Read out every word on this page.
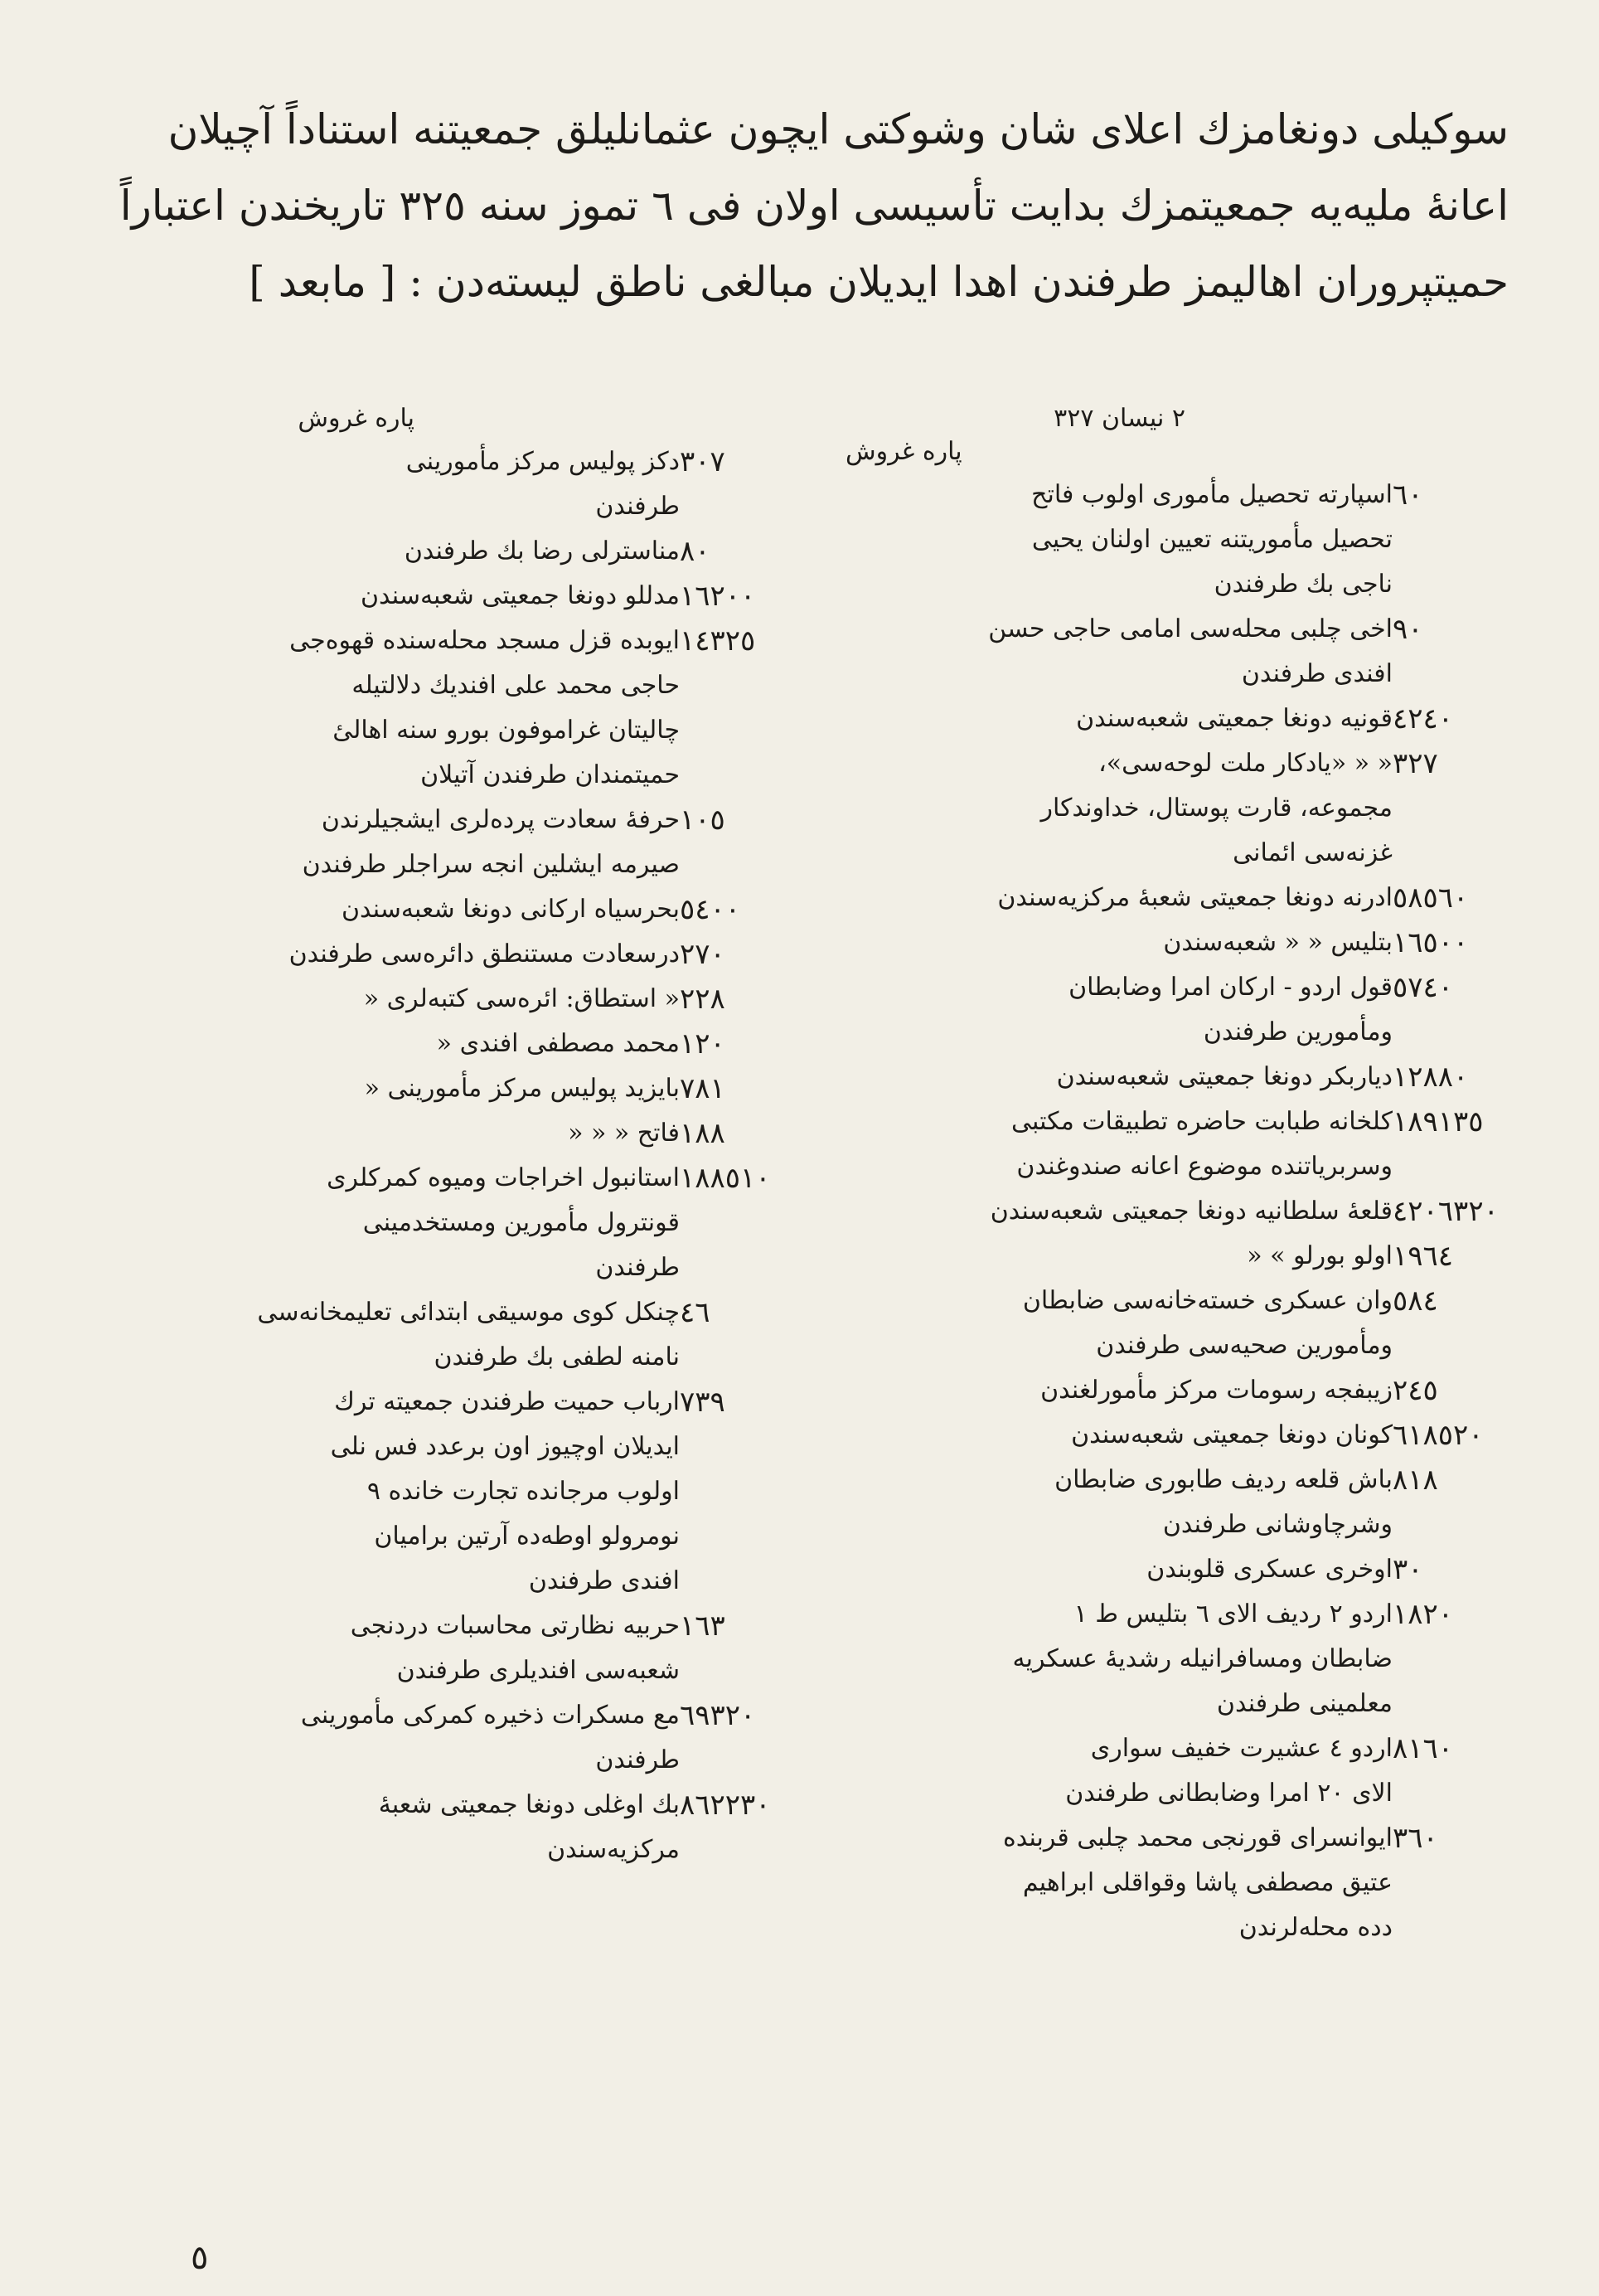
سوكيلى دونغامزك اعلاى شان وشوكتى ايچون عثمانليلق جمعيتنه استناداً آچيلان
اعانهٔ مليه‌يه جمعيتمزك بدايت تأسيسى اولان فى ٦ تموز سنه ٣٢٥ تاريخندن اعتباراً
حميتپروران اهاليمز طرفندن اهدا ايديلان مبالغى ناطق ليسته‌دن : [ مابعد ]
پاره غروش
٢ نيسان ٣٢٧
٦٠
اسپارته تحصيل مأمورى اولوب فاتح
تحصيل مأموريتنه تعيين اولنان يحيى
ناجى بك طرفندن
٩٠
اخى چلبى محله‌سى امامى حاجى حسن
افندى طرفندن
٤٢٤٠
قونيه دونغا جمعيتى شعبه‌سندن
٣٢٧
« « «يادكار ملت لوحه‌سى»،
مجموعه، قارت پوستال، خداوندكار
غزنه‌سى ائمانى
٥٨٥٦٠
ادرنه دونغا جمعيتى شعبهٔ مركزيه‌سندن
١٦٥٠٠
بتليس « « شعبه‌سندن
٥٧٤٠
قول اردو - اركان امرا وضابطان
ومأمورين طرفندن
١٢٨٨٠
دياربكر دونغا جمعيتى شعبه‌سندن
٣٥١٨٩١
كلخانه طبابت حاضره تطبيقات مكتبى
وسربرياتنده موضوع اعانه صندوغندن
٢٠٤٢٠٦٣
قلعهٔ سلطانيه دونغا جمعيتى شعبه‌سندن
١٩٦٤
اولو بورلو » «
٥٨٤
وان عسكرى خسته‌خانه‌سى ضابطان
ومأمورين صحيه‌سى طرفندن
٢٤٥
زيبفجه رسومات مركز مأمورلغندن
٢٠٦١٨٥
كونان دونغا جمعيتى شعبه‌سندن
٨١٨
باش قلعه رديف طابورى ضابطان
وشرچاوشانى طرفندن
٣٠
اوخرى عسكرى قلوبندن
١٨٢٠
اردو ٢ رديف الاى ٦ بتليس ط ١
ضابطان ومسافرانيله رشديهٔ عسكريه
معلمينى طرفندن
٨١٦٠
اردو ٤ عشيرت خفيف سوارى
الاى ٢٠ امرا وضابطانى طرفندن
٣٦٠
ايوانسراى قورنجى محمد چلبى قربنده
عتيق مصطفى پاشا وقواقلى ابراهيم
دده محله‌لرندن
پاره غروش
٣٠٧
دكز پوليس مركز مأمورينى
طرفندن
٨٠
مناسترلى رضا بك طرفندن
١٦٢٠٠
مدللو دونغا جمعيتى شعبه‌سندن
٢٥١٤٣
ايوبده قزل مسجد محله‌سنده قهوه‌جى
حاجى محمد على افنديك دلالتيله
چاليتان غراموفون بورو سنه اهالىٔ
حميتمندان طرفندن آتيلان
١٠٥
حرفهٔ سعادت پرده‌لرى ايشجيلرندن
صيرمه ايشلين انجه سراجلر طرفندن
٥٤٠٠
بحرسياه اركانى دونغا شعبه‌سندن
٢٧٠
درسعادت مستنطق دائره‌سى طرفندن
٢٢٨
« استطاق: ائره‌سى كتبه‌لرى «
١٢٠
محمد مصطفى افندى «
٧٨١
بايزيد پوليس مركز مأمورينى «
١٨٨
فاتح « « «
١٠١٨٨٥
استانبول اخراجات وميوه كمركلرى
قونترول مأمورين ومستخدمينى
طرفندن
٤٦
چنكل كوى موسيقى ابتدائى تعليمخانه‌سى
نامنه لطفى بك طرفندن
٧٣٩
ارباب حميت طرفندن جمعيته ترك
ايديلان اوچيوز اون برعدد فس نلى
اولوب مرجانده تجارت خانده ٩
نومرولو اوطه‌ده آرتين براميان
افندى طرفندن
١٦٣
حربيه نظارتى محاسبات دردنجى
شعبه‌سى افنديلرى طرفندن
٢٠٦٩٣
مع مسكرات ذخيره كمركى مأمورينى
طرفندن
٣٠٨٦٢٢
بك اوغلى دونغا جمعيتى شعبهٔ
مركزيه‌سندن
٥
